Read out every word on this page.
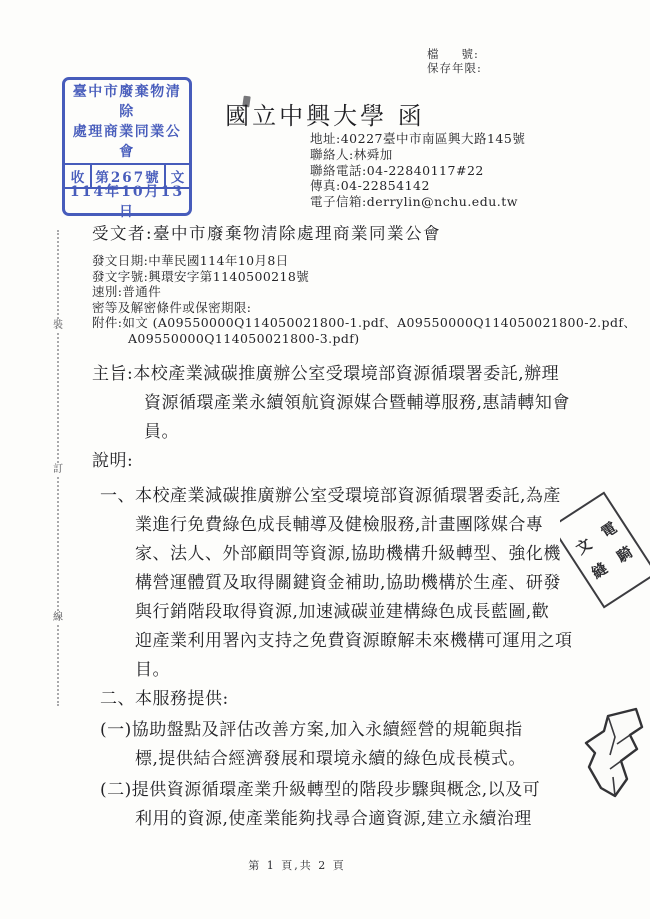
檔 號:
保存年限:
臺中市廢棄物清除
處理商業同業公會
收 第267號 文
114年10月13日
國立中興大學 函
地址:40227臺中市南區興大路145號
聯絡人:林舜加
聯絡電話:04-22840117#22
傳真:04-22854142
電子信箱:derrylin@nchu.edu.tw
受文者:臺中市廢棄物清除處理商業同業公會
發文日期:中華民國114年10月8日
發文字號:興環安字第1140500218號
速別:普通件
密等及解密條件或保密期限:
附件:如文 (A09550000Q114050021800-1.pdf、A09550000Q114050021800-2.pdf、
A09550000Q114050021800-3.pdf)
主旨:本校產業減碳推廣辦公室受環境部資源循環署委託,辦理
資源循環產業永續領航資源媒合暨輔導服務,惠請轉知會
員。
說明:
一、本校產業減碳推廣辦公室受環境部資源循環署委託,為產
業進行免費綠色成長輔導及健檢服務,計畫團隊媒合專
家、法人、外部顧問等資源,協助機構升級轉型、強化機
構營運體質及取得關鍵資金補助,協助機構於生產、研發
與行銷階段取得資源,加速減碳並建構綠色成長藍圖,歡
迎產業利用署內支持之免費資源瞭解未來機構可運用之項
目。
二、本服務提供:
(一)協助盤點及評估改善方案,加入永續經營的規範與指
標,提供結合經濟發展和環境永續的綠色成長模式。
(二)提供資源循環產業升級轉型的階段步驟與概念,以及可
利用的資源,使產業能夠找尋合適資源,建立永續治理
裝
訂
線
電
騎
文
縫
第 1 頁,共 2 頁
